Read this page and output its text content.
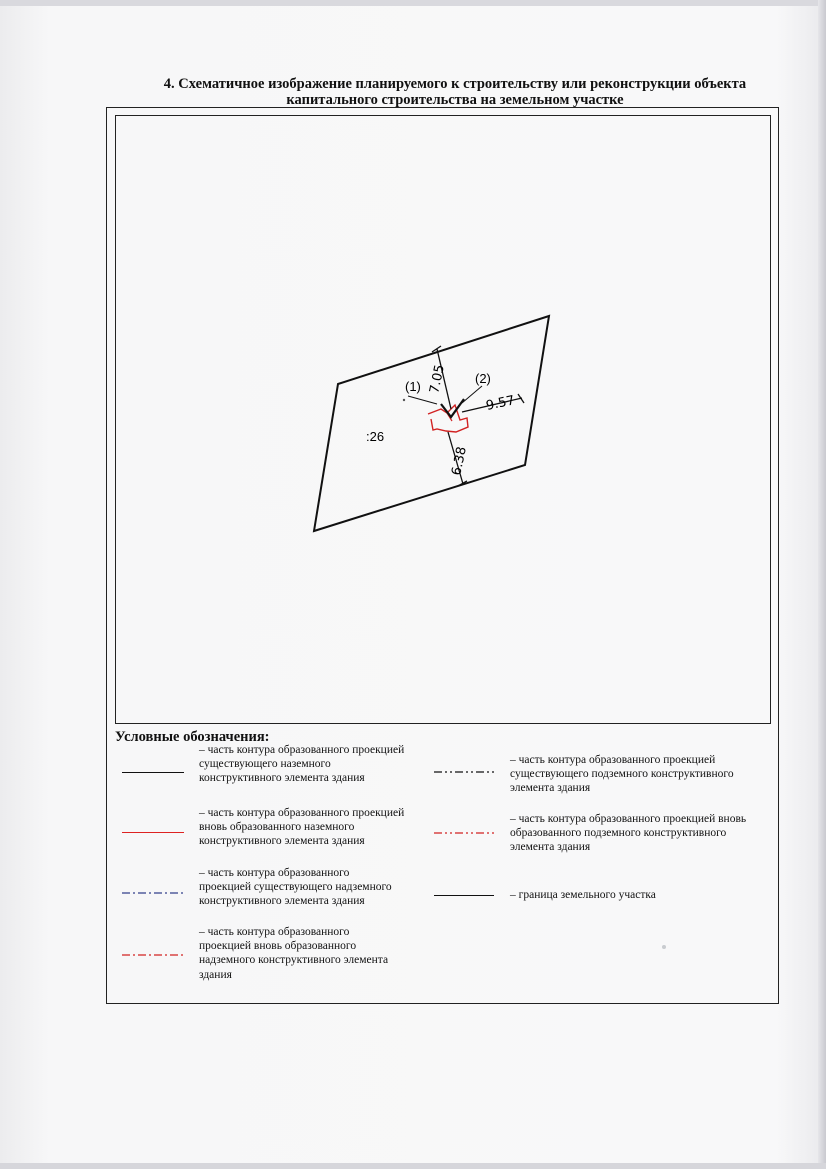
4. Схематичное изображение планируемого к строительству или реконструкции объекта
капитального строительства на земельном участке
:26
(1)
(2)
7.05
9.57
6.38
Условные обозначения:
– часть контура образованного проекцией существующего наземного конструктивного элемента здания
– часть контура образованного проекцией вновь образованного наземного конструктивного элемента здания
– часть контура образованного проекцией существующего надземного конструктивного элемента здания
– часть контура образованного проекцией вновь образованного надземного конструктивного элемента здания
– часть контура образованного проекцией существующего подземного конструктивного элемента здания
– часть контура образованного проекцией вновь образованного подземного конструктивного элемента здания
– граница земельного участка
